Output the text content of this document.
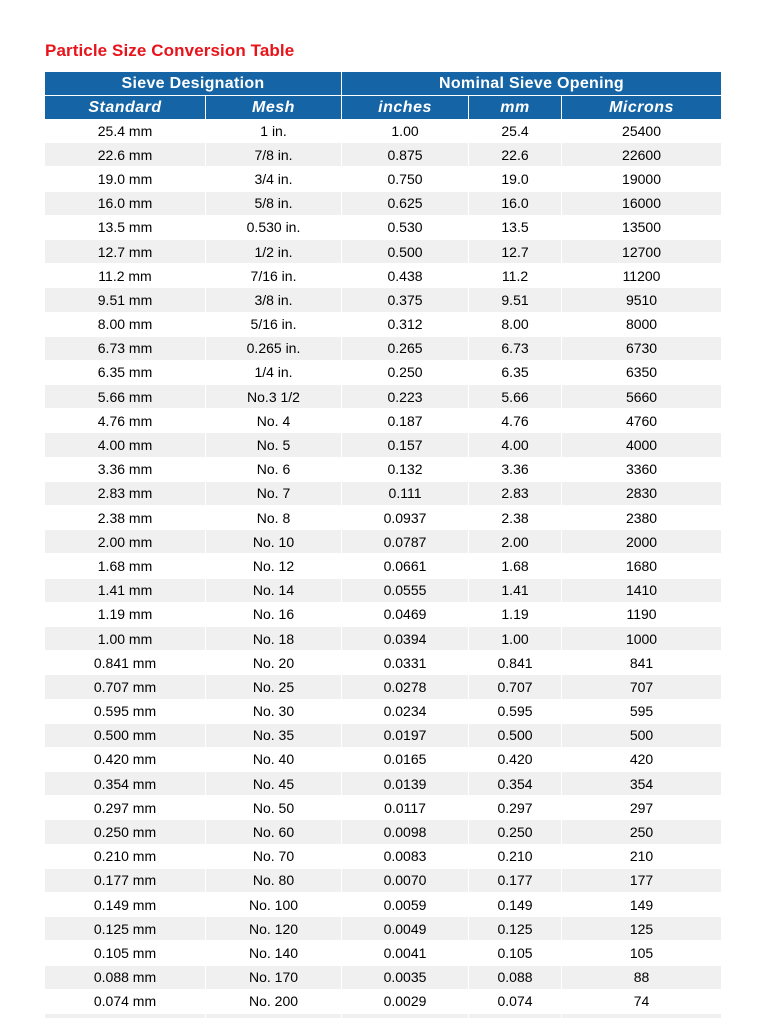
Particle Size Conversion Table
Sieve Designation		Nominal Sieve Opening		
Standard	Mesh	inches	mm	Microns
25.4 mm	1 in.	1.00	25.4	25400
22.6 mm	7/8 in.	0.875	22.6	22600
19.0 mm	3/4 in.	0.750	19.0	19000
16.0 mm	5/8 in.	0.625	16.0	16000
13.5 mm	0.530 in.	0.530	13.5	13500
12.7 mm	1/2 in.	0.500	12.7	12700
11.2 mm	7/16 in.	0.438	11.2	11200
9.51 mm	3/8 in.	0.375	9.51	9510
8.00 mm	5/16 in.	0.312	8.00	8000
6.73 mm	0.265 in.	0.265	6.73	6730
6.35 mm	1/4 in.	0.250	6.35	6350
5.66 mm	No.3 1/2	0.223	5.66	5660
4.76 mm	No. 4	0.187	4.76	4760
4.00 mm	No. 5	0.157	4.00	4000
3.36 mm	No. 6	0.132	3.36	3360
2.83 mm	No. 7	0.111	2.83	2830
2.38 mm	No. 8	0.0937	2.38	2380
2.00 mm	No. 10	0.0787	2.00	2000
1.68 mm	No. 12	0.0661	1.68	1680
1.41 mm	No. 14	0.0555	1.41	1410
1.19 mm	No. 16	0.0469	1.19	1190
1.00 mm	No. 18	0.0394	1.00	1000
0.841 mm	No. 20	0.0331	0.841	841
0.707 mm	No. 25	0.0278	0.707	707
0.595 mm	No. 30	0.0234	0.595	595
0.500 mm	No. 35	0.0197	0.500	500
0.420 mm	No. 40	0.0165	0.420	420
0.354 mm	No. 45	0.0139	0.354	354
0.297 mm	No. 50	0.0117	0.297	297
0.250 mm	No. 60	0.0098	0.250	250
0.210 mm	No. 70	0.0083	0.210	210
0.177 mm	No. 80	0.0070	0.177	177
0.149 mm	No. 100	0.0059	0.149	149
0.125 mm	No. 120	0.0049	0.125	125
0.105 mm	No. 140	0.0041	0.105	105
0.088 mm	No. 170	0.0035	0.088	88
0.074 mm	No. 200	0.0029	0.074	74
